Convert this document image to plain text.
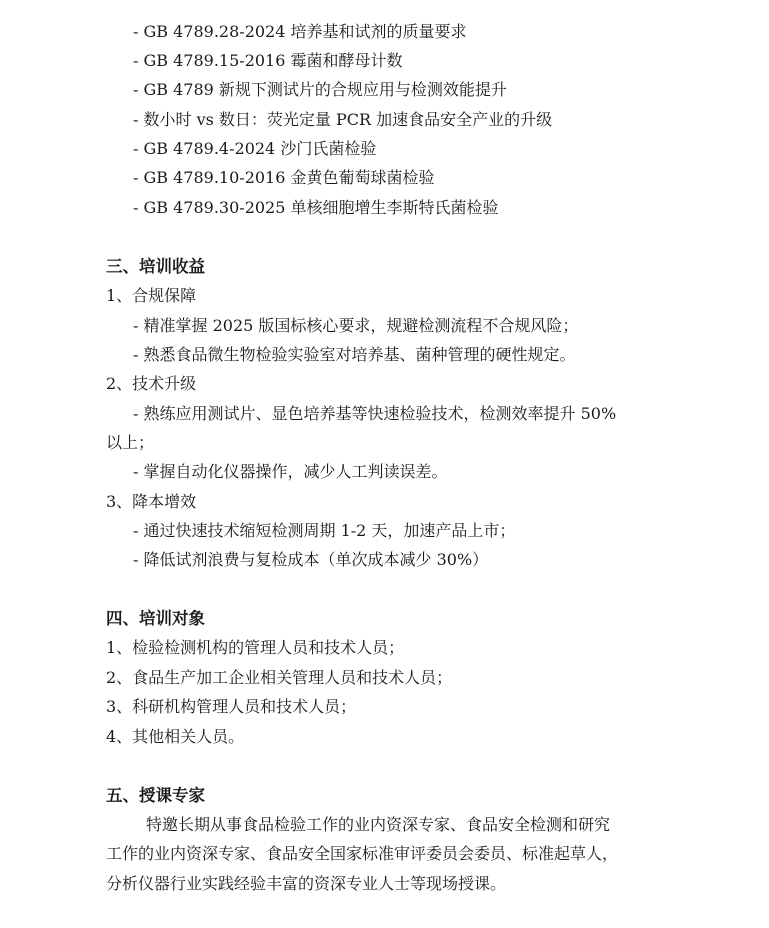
- GB 4789.28-2024 培养基和试剂的质量要求
- GB 4789.15-2016 霉菌和酵母计数
- GB 4789 新规下测试片的合规应用与检测效能提升
- 数小时 vs 数日：荧光定量 PCR 加速食品安全产业的升级
- GB 4789.4-2024 沙门氏菌检验
- GB 4789.10-2016 金黄色葡萄球菌检验
- GB 4789.30-2025 单核细胞增生李斯特氏菌检验
三、培训收益
1、合规保障
- 精准掌握 2025 版国标核心要求，规避检测流程不合规风险；
- 熟悉食品微生物检验实验室对培养基、菌种管理的硬性规定。
2、技术升级
- 熟练应用测试片、显色培养基等快速检验技术，检测效率提升 50%
以上；
- 掌握自动化仪器操作，减少人工判读误差。
3、降本增效
- 通过快速技术缩短检测周期 1-2 天，加速产品上市；
- 降低试剂浪费与复检成本（单次成本减少 30%）
四、培训对象
1、检验检测机构的管理人员和技术人员；
2、食品生产加工企业相关管理人员和技术人员；
3、科研机构管理人员和技术人员；
4、其他相关人员。
五、授课专家
特邀长期从事食品检验工作的业内资深专家、食品安全检测和研究
工作的业内资深专家、食品安全国家标准审评委员会委员、标准起草人，
分析仪器行业实践经验丰富的资深专业人士等现场授课。
